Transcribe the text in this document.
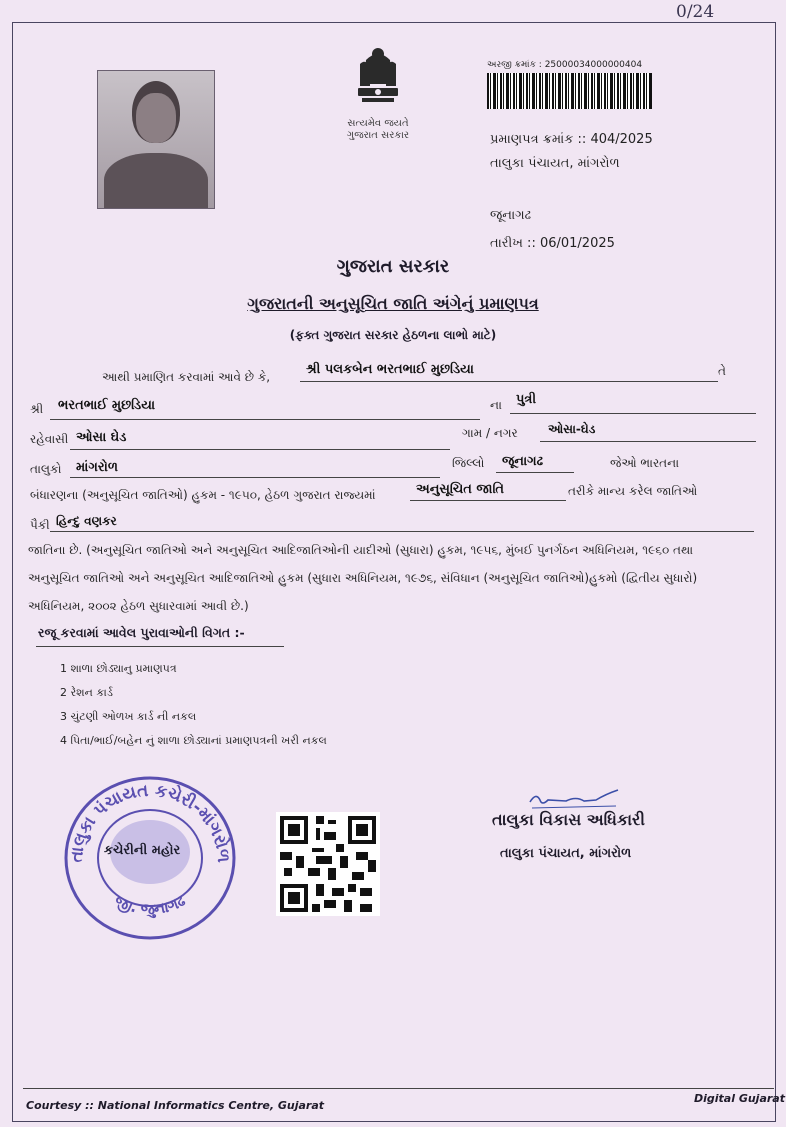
0/24
સત્યમેવ જયતે
ગુજરાત સરકાર
અરજી ક્રમાંક : 25000034000000404
પ્રમાણપત્ર ક્રમાંક :: 404/2025
તાલુકા પંચાયત, માંગરોળ
જૂનાગઢ
તારીખ :: 06/01/2025
ગુજરાત સરકાર
ગુજરાતની અનુસૂચિત જાતિ અંગેનું પ્રમાણપત્ર
(ફક્ત ગુજરાત સરકાર હેઠળના લાભો માટે)
આથી પ્રમાણિત કરવામાં આવે છે કે,	શ્રી પલકબેન ભરતભાઈ મુછડિયા	તે
શ્રી ભરતભાઈ મુછડિયા	ના પુત્રી
રહેવાસી ઓસા ઘેડ	ગામ / નગર	ઓસા-ઘેડ
તાલુકો માંગરોળ	જિલ્લો જૂનાગઢ	જેઓ ભારતના
બંધારણના (અનુસૂચિત જાતિઓ) હુકમ - ૧૯૫૦, હેઠળ ગુજરાત રાજ્યમાં	અનુસૂચિત જાતિ	તરીકે માન્ય કરેલ જાતિઓ
પૈકી હિન્દુ વણકર
જાતિના છે. (અનુસૂચિત જાતિઓ અને અનુસૂચિત આદિજાતિઓની યાદીઓ (સુધારા) હુકમ, ૧૯૫૬, મુંબઈ પુનર્ગઠન અધિનિયમ, ૧૯૬૦ તથા
અનુસૂચિત જાતિઓ અને અનુસૂચિત આદિજાતિઓ હુકમ (સુધારા અધિનિયમ, ૧૯૭૬, સંવિધાન (અનુસૂચિત જાતિઓ)હુકમો (દ્વિતીય સુધારો)
અધિનિયમ, ૨૦૦૨ હેઠળ સુધારવામાં આવી છે.)
રજૂ કરવામાં આવેલ પુરાવાઓની વિગત :-
1 શાળા છોડ્યાનુ પ્રમાણપત્ર
2 રેશન કાર્ડ
3 ચુંટણી ઓળખ કાર્ડ ની નકલ
4 પિતા/ભાઈ/બહેન નું શાળા છોડ્યાનાં પ્રમાણપત્રની ખરી નકલ
તાલુકા પંચાયત કચેરી-માંગરોળ
જી. જુનાગઢ
કચેરીની મહોર
તાલુકા વિકાસ અધિકારી
તાલુકા પંચાયત, માંગરોળ
Courtesy :: National Informatics Centre, Gujarat
Digital Gujarat
